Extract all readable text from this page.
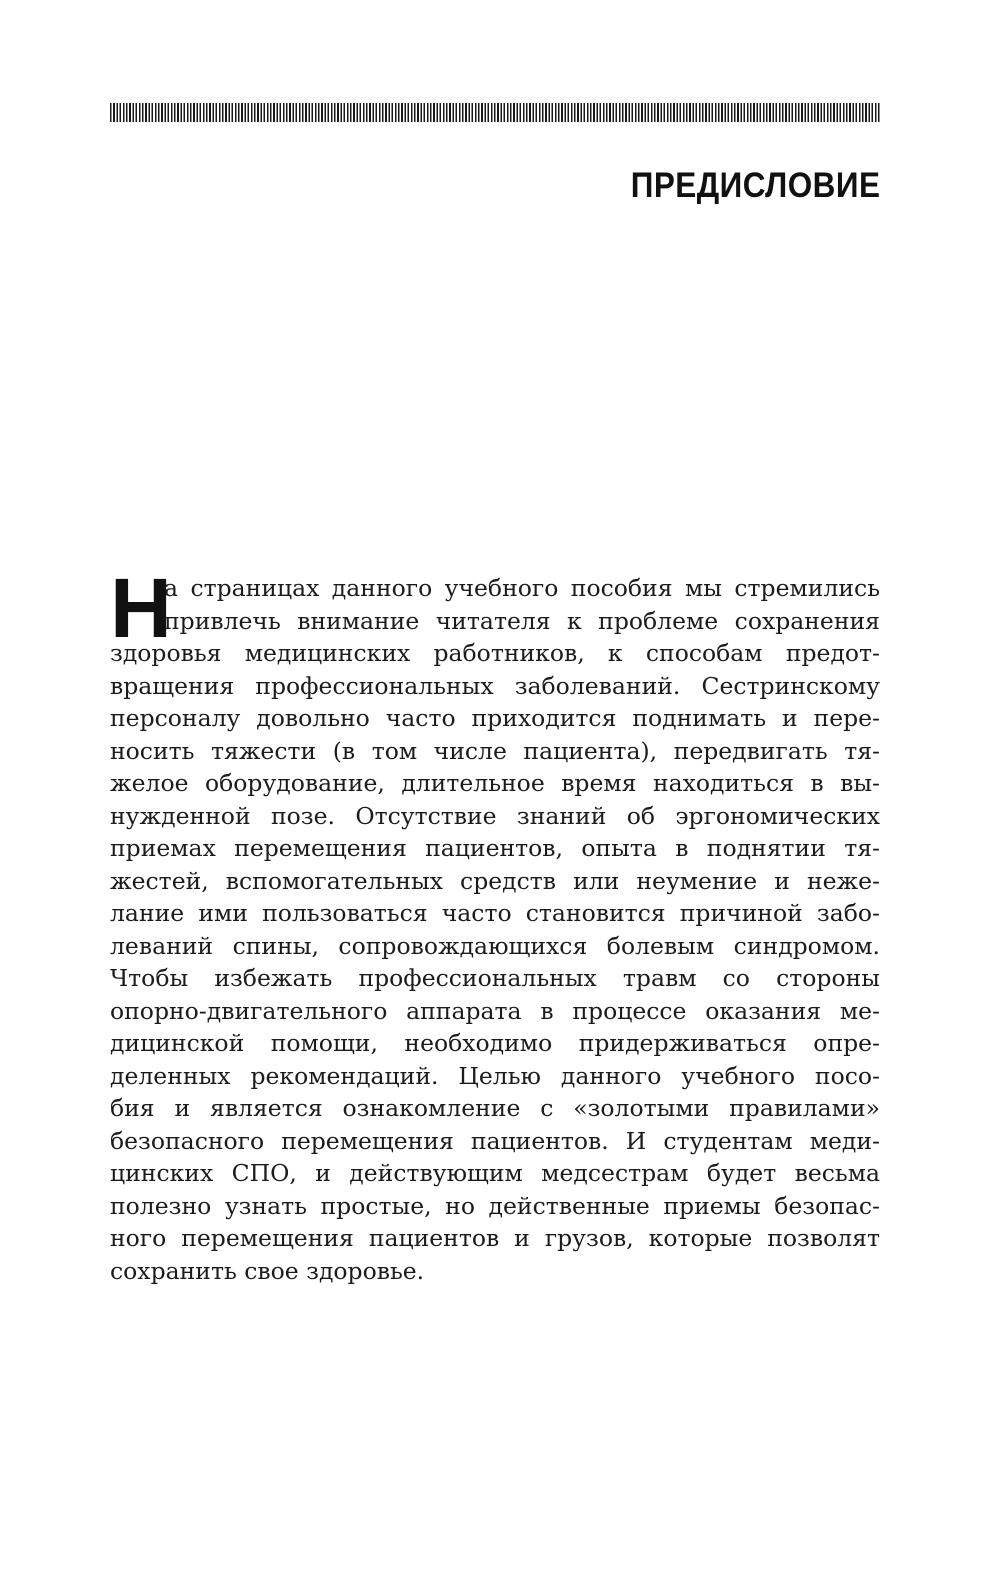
ПРЕДИСЛОВИЕ
Н
а страницах данного учебного пособия мы стремились
привлечь внимание читателя к проблеме сохранения
здоровья медицинских работников, к способам предот-
вращения профессиональных заболеваний. Сестринскому
персоналу довольно часто приходится поднимать и пере-
носить тяжести (в том числе пациента), передвигать тя-
желое оборудование, длительное время находиться в вы-
нужденной позе. Отсутствие знаний об эргономических
приемах перемещения пациентов, опыта в поднятии тя-
жестей, вспомогательных средств или неумение и неже-
лание ими пользоваться часто становится причиной забо-
леваний спины, сопровождающихся болевым синдромом.
Чтобы избежать профессиональных травм со стороны
опорно-двигательного аппарата в процессе оказания ме-
дицинской помощи, необходимо придерживаться опре-
деленных рекомендаций. Целью данного учебного посо-
бия и является ознакомление с «золотыми правилами»
безопасного перемещения пациентов. И студентам меди-
цинских СПО, и действующим медсестрам будет весьма
полезно узнать простые, но действенные приемы безопас-
ного перемещения пациентов и грузов, которые позволят
сохранить свое здоровье.
